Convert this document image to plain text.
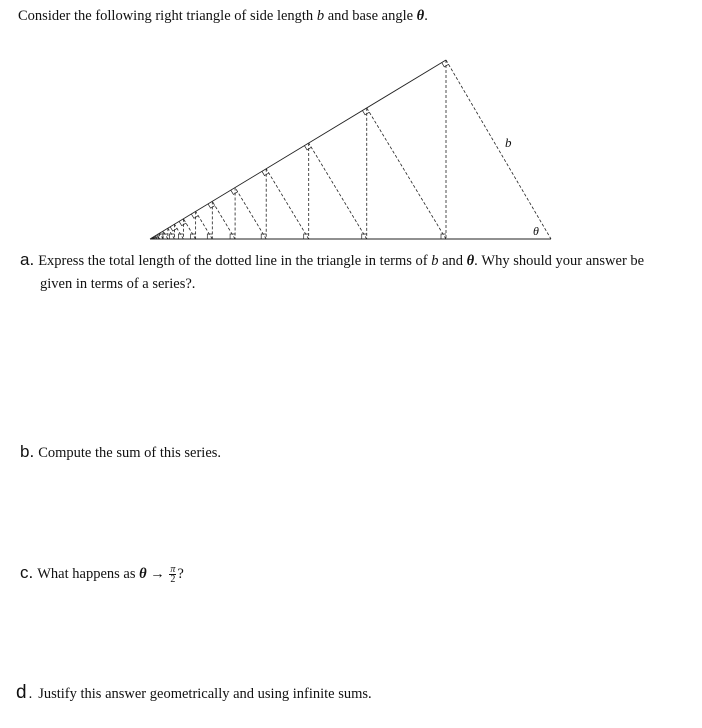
Consider the following right triangle of side length b and base angle θ.
b
θ
a. Express the total length of the dotted line in the triangle in terms of b and θ. Why should your answer be
given in terms of a series?.
b. Compute the sum of this series.
c. What happens as $\theta \to \frac{\pi}{2}$ ?
d . Justify this answer geometrically and using infinite sums.
